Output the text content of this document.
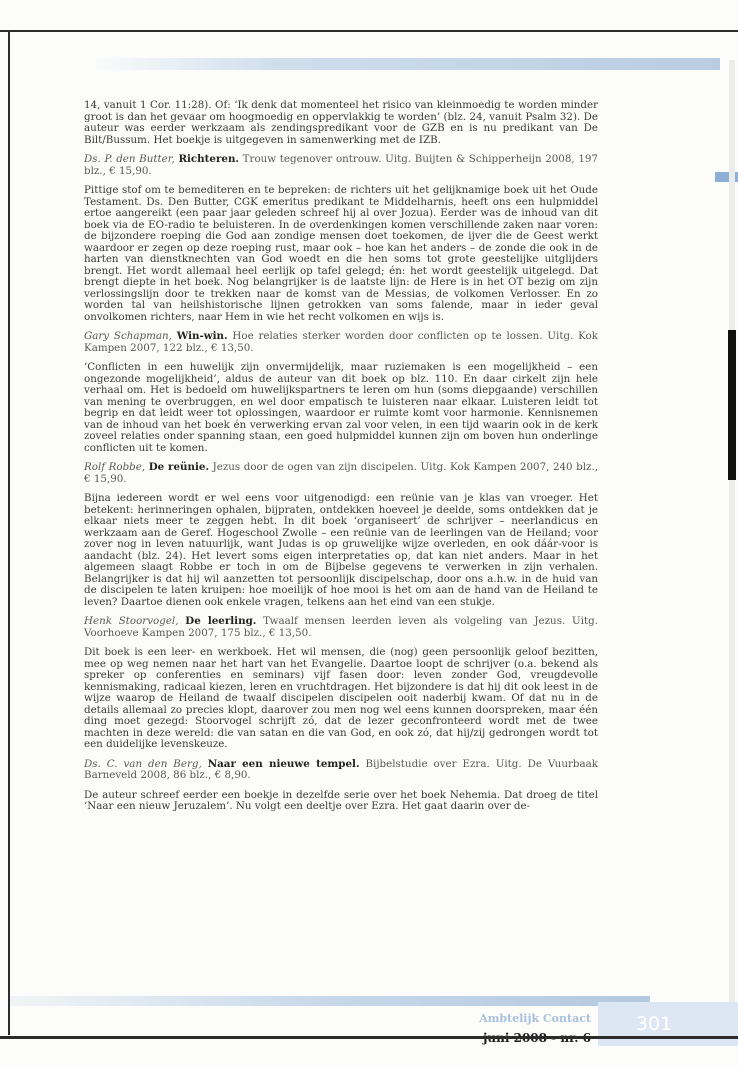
14, vanuit 1 Cor. 11:28). Of: ‘Ik denk dat momenteel het risico van kleinmoedig te worden minder groot is dan het gevaar om hoogmoedig en oppervlakkig te worden’ (blz. 24, vanuit Psalm 32). De auteur was eerder werkzaam als zendingspredikant voor de GZB en is nu predikant van De Bilt/Bussum. Het boekje is uitgegeven in samenwerking met de IZB.

Ds. P. den Butter, Richteren. Trouw tegenover ontrouw. Uitg. Buijten & Schipperheijn 2008, 197 blz., € 15,90.

Pittige stof om te bemediteren en te bepreken: de richters uit het gelijknamige boek uit het Oude Testament. Ds. Den Butter, CGK emeritus predikant te Middelharnis, heeft ons een hulpmiddel ertoe aangereikt (een paar jaar geleden schreef hij al over Jozua). Eerder was de inhoud van dit boek via de EO-radio te beluisteren. In de overdenkingen komen verschillende zaken naar voren: de bijzondere roeping die God aan zondige mensen doet toekomen, de ijver die de Geest werkt waardoor er zegen op deze roeping rust, maar ook – hoe kan het anders – de zonde die ook in de harten van dienstknechten van God woedt en die hen soms tot grote geestelijke uitglijders brengt. Het wordt allemaal heel eerlijk op tafel gelegd; én: het wordt geestelijk uitgelegd. Dat brengt diepte in het boek. Nog belangrijker is de laatste lijn: de Here is in het OT bezig om zijn verlossingslijn door te trekken naar de komst van de Messias, de volkomen Verlosser. En zo worden tal van heilshistorische lijnen getrokken van soms falende, maar in ieder geval onvolkomen richters, naar Hem in wie het recht volkomen en wijs is.

Gary Schapman, Win-win. Hoe relaties sterker worden door conflicten op te lossen. Uitg. Kok Kampen 2007, 122 blz., € 13,50.

‘Conflicten in een huwelijk zijn onvermijdelijk, maar ruziemaken is een mogelijkheid – een ongezonde mogelijkheid’, aldus de auteur van dit boek op blz. 110. En daar cirkelt zijn hele verhaal om. Het is bedoeld om huwelijkspartners te leren om hun (soms diepgaande) verschillen van mening te overbruggen, en wel door empatisch te luisteren naar elkaar. Luisteren leidt tot begrip en dat leidt weer tot oplossingen, waardoor er ruimte komt voor harmonie. Kennisnemen van de inhoud van het boek én verwerking ervan zal voor velen, in een tijd waarin ook in de kerk zoveel relaties onder spanning staan, een goed hulpmiddel kunnen zijn om boven hun onderlinge conflicten uit te komen.

Rolf Robbe, De reünie. Jezus door de ogen van zijn discipelen. Uitg. Kok Kampen 2007, 240 blz., € 15,90.

Bijna iedereen wordt er wel eens voor uitgenodigd: een reünie van je klas van vroeger. Het betekent: herinneringen ophalen, bijpraten, ontdekken hoeveel je deelde, soms ontdekken dat je elkaar niets meer te zeggen hebt. In dit boek ‘organiseert’ de schrijver – neerlandicus en werkzaam aan de Geref. Hogeschool Zwolle – een reünie van de leerlingen van de Heiland; voor zover nog in leven natuurlijk, want Judas is op gruwelijke wijze overleden, en ook dáár-voor is aandacht (blz. 24). Het levert soms eigen interpretaties op, dat kan niet anders. Maar in het algemeen slaagt Robbe er toch in om de Bijbelse gegevens te verwerken in zijn verhalen. Belangrijker is dat hij wil aanzetten tot persoonlijk discipelschap, door ons a.h.w. in de huid van de discipelen te laten kruipen: hoe moeilijk of hoe mooi is het om aan de hand van de Heiland te leven? Daartoe dienen ook enkele vragen, telkens aan het eind van een stukje.

Henk Stoorvogel, De leerling. Twaalf mensen leerden leven als volgeling van Jezus. Uitg. Voorhoeve Kampen 2007, 175 blz., € 13,50.

Dit boek is een leer- en werkboek. Het wil mensen, die (nog) geen persoonlijk geloof bezitten, mee op weg nemen naar het hart van het Evangelie. Daartoe loopt de schrijver (o.a. bekend als spreker op conferenties en seminars) vijf fasen door: leven zonder God, vreugdevolle kennismaking, radicaal kiezen, leren en vruchtdragen. Het bijzondere is dat hij dit ook leest in de wijze waarop de Heiland de twaalf discipelen discipelen ooit naderbij kwam. Of dat nu in de details allemaal zo precies klopt, daarover zou men nog wel eens kunnen doorspreken, maar één ding moet gezegd: Stoorvogel schrijft zó, dat de lezer geconfronteerd wordt met de twee machten in deze wereld: die van satan en die van God, en ook zó, dat hij/zij gedrongen wordt tot een duidelijke levenskeuze.

Ds. C. van den Berg, Naar een nieuwe tempel. Bijbelstudie over Ezra. Uitg. De Vuurbaak Barneveld 2008, 86 blz., € 8,90.

De auteur schreef eerder een boekje in dezelfde serie over het boek Nehemia. Dat droeg de titel ‘Naar een nieuw Jeruzalem’. Nu volgt een deeltje over Ezra. Het gaat daarin over de-

Ambtelijk Contact	301
